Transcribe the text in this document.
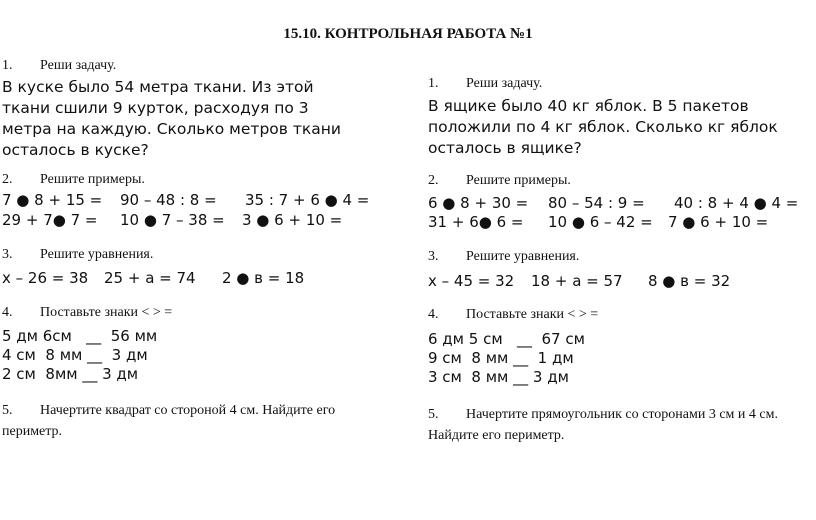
15.10. КОНТРОЛЬНАЯ РАБОТА №1
1. Реши задачу.
В куске было 54 метра ткани. Из этой ткани сшили 9 курток, расходуя по 3 метра на каждую. Сколько метров ткани осталось в куске?
2. Решите примеры.
7 ● 8 + 15 = 90 – 48 : 8 = 35 : 7 + 6 ● 4 =
29 + 7● 7 = 10 ● 7 – 38 = 3 ● 6 + 10 =
3. Решите уравнения.
х – 26 = 38 25 + а = 74 2 ● в = 18
4. Поставьте знаки < > =
5 дм 6см   __  56 мм
4 см  8 мм __  3 дм
2 см  8мм __ 3 дм
5. Начертите квадрат со стороной 4 см. Найдите его периметр.
1. Реши задачу.
В ящике было 40 кг яблок. В 5 пакетов положили по 4 кг яблок. Сколько кг яблок осталось в ящике?
2. Решите примеры.
6 ● 8 + 30 = 80 – 54 : 9 = 40 : 8 + 4 ● 4 =
31 + 6● 6 = 10 ● 6 – 42 = 7 ● 6 + 10 =
3. Решите уравнения.
х – 45 = 32 18 + а = 57 8 ● в = 32
4. Поставьте знаки < > =
6 дм 5 см   __  67 см
9 см  8 мм __  1 дм
3 см  8 мм __ 3 дм
5. Начертите прямоугольник со сторонами 3 см и 4 см. Найдите его периметр.
